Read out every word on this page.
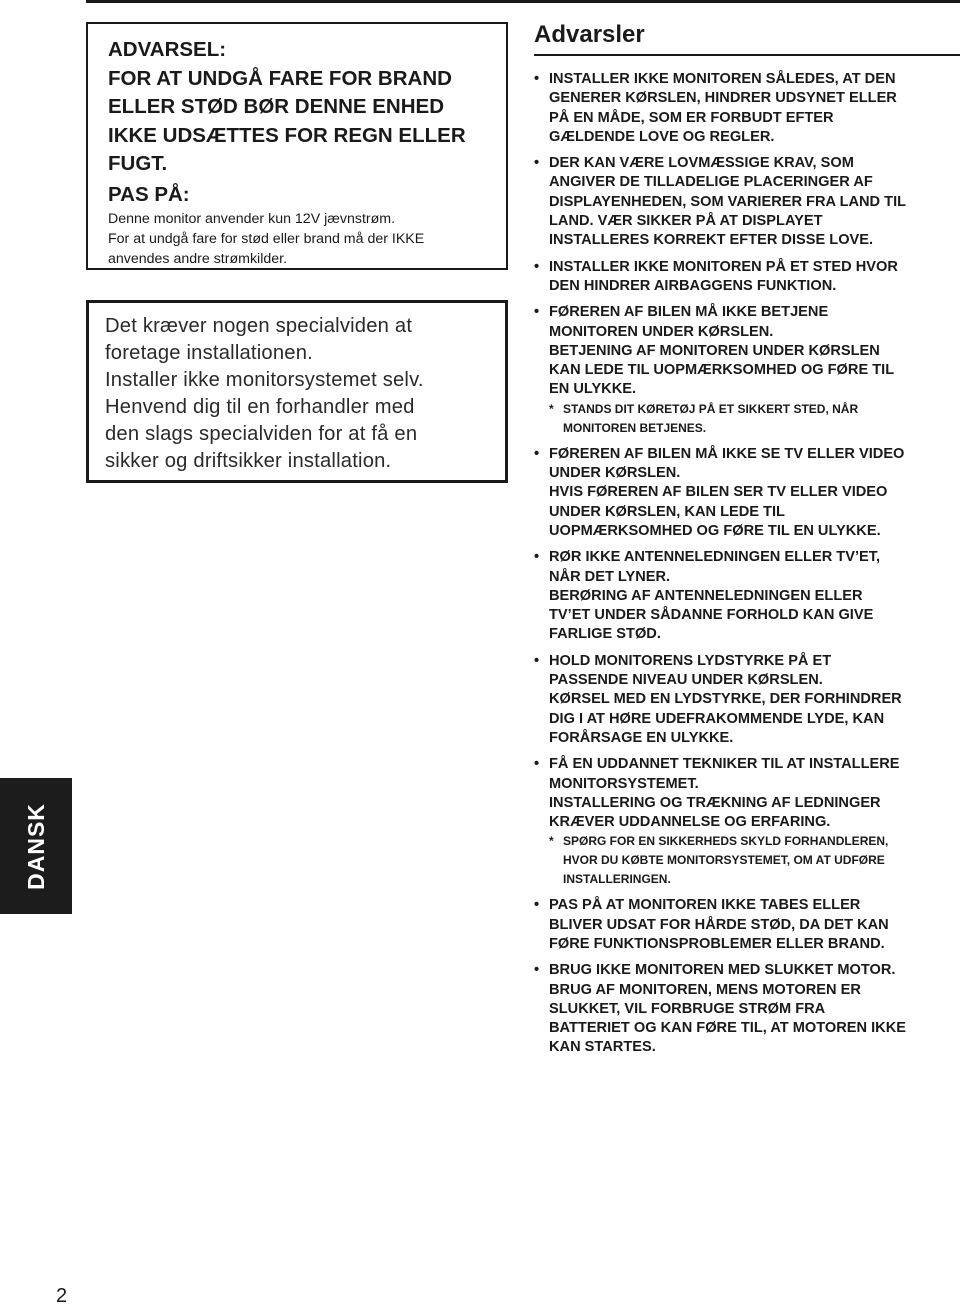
ADVARSEL:
FOR AT UNDGÅ FARE FOR BRAND
ELLER STØD BØR DENNE ENHED
IKKE UDSÆTTES FOR REGN ELLER
FUGT.
PAS PÅ:
Denne monitor anvender kun 12V jævnstrøm.
For at undgå fare for stød eller brand må der IKKE
anvendes andre strømkilder.
Det kræver nogen specialviden at
foretage installationen.
Installer ikke monitorsystemet selv.
Henvend dig til en forhandler med
den slags specialviden for at få en
sikker og driftsikker installation.
Advarsler
• INSTALLER IKKE MONITOREN SÅLEDES, AT DEN
GENERER KØRSLEN, HINDRER UDSYNET ELLER
PÅ EN MÅDE, SOM ER FORBUDT EFTER
GÆLDENDE LOVE OG REGLER.
• DER KAN VÆRE LOVMÆSSIGE KRAV, SOM
ANGIVER DE TILLADELIGE PLACERINGER AF
DISPLAYENHEDEN, SOM VARIERER FRA LAND TIL
LAND. VÆR SIKKER PÅ AT DISPLAYET
INSTALLERES KORREKT EFTER DISSE LOVE.
• INSTALLER IKKE MONITOREN PÅ ET STED HVOR
DEN HINDRER AIRBAGGENS FUNKTION.
• FØREREN AF BILEN MÅ IKKE BETJENE
MONITOREN UNDER KØRSLEN.
BETJENING AF MONITOREN UNDER KØRSLEN
KAN LEDE TIL UOPMÆRKSOMHED OG FØRE TIL
EN ULYKKE.
* STANDS DIT KØRETØJ PÅ ET SIKKERT STED, NÅR
MONITOREN BETJENES.
• FØREREN AF BILEN MÅ IKKE SE TV ELLER VIDEO
UNDER KØRSLEN.
HVIS FØREREN AF BILEN SER TV ELLER VIDEO
UNDER KØRSLEN, KAN LEDE TIL
UOPMÆRKSOMHED OG FØRE TIL EN ULYKKE.
• RØR IKKE ANTENNELEDNINGEN ELLER TV’ET,
NÅR DET LYNER.
BERØRING AF ANTENNELEDNINGEN ELLER
TV’ET UNDER SÅDANNE FORHOLD KAN GIVE
FARLIGE STØD.
• HOLD MONITORENS LYDSTYRKE PÅ ET
PASSENDE NIVEAU UNDER KØRSLEN.
KØRSEL MED EN LYDSTYRKE, DER FORHINDRER
DIG I AT HØRE UDEFRAKOMMENDE LYDE, KAN
FORÅRSAGE EN ULYKKE.
• FÅ EN UDDANNET TEKNIKER TIL AT INSTALLERE
MONITORSYSTEMET.
INSTALLERING OG TRÆKNING AF LEDNINGER
KRÆVER UDDANNELSE OG ERFARING.
* SPØRG FOR EN SIKKERHEDS SKYLD FORHANDLEREN,
HVOR DU KØBTE MONITORSYSTEMET, OM AT UDFØRE
INSTALLERINGEN.
• PAS PÅ AT MONITOREN IKKE TABES ELLER
BLIVER UDSAT FOR HÅRDE STØD, DA DET KAN
FØRE FUNKTIONSPROBLEMER ELLER BRAND.
• BRUG IKKE MONITOREN MED SLUKKET MOTOR.
BRUG AF MONITOREN, MENS MOTOREN ER
SLUKKET, VIL FORBRUGE STRØM FRA
BATTERIET OG KAN FØRE TIL, AT MOTOREN IKKE
KAN STARTES.
DANSK
2
